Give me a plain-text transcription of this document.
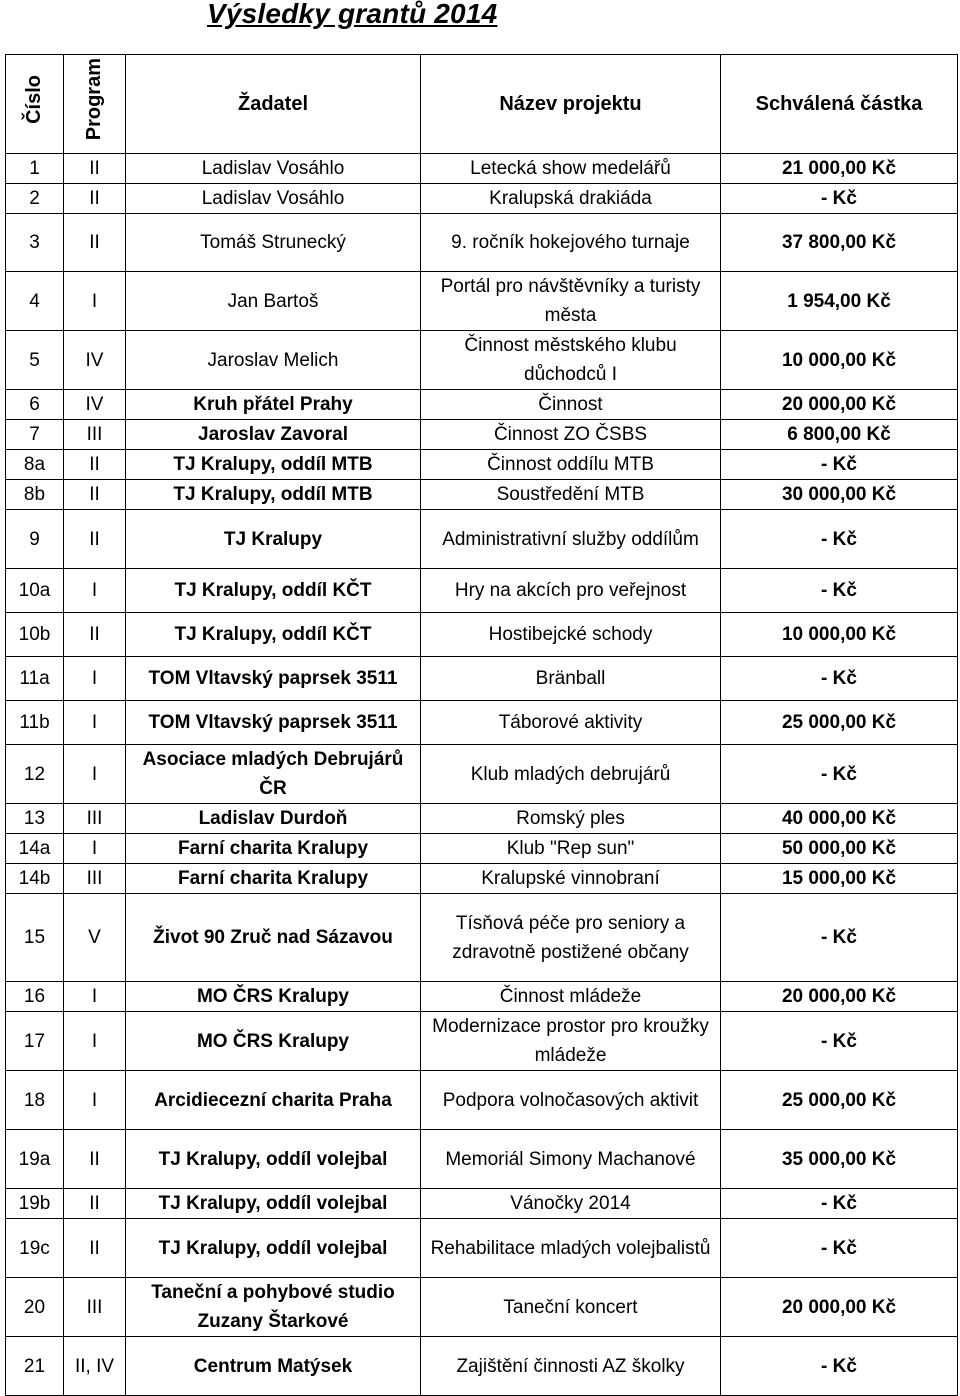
Výsledky grantů 2014
Číslo	Program	Žadatel	Název projektu	Schválená částka
1	II	Ladislav Vosáhlo	Letecká show medelářů	21 000,00 Kč
2	II	Ladislav Vosáhlo	Kralupská drakiáda	- Kč
3	II	Tomáš Strunecký	9. ročník hokejového turnaje	37 800,00 Kč
4	I	Jan Bartoš	Portál pro návštěvníky a turisty města	1 954,00 Kč
5	IV	Jaroslav Melich	Činnost městského klubu důchodců I	10 000,00 Kč
6	IV	Kruh přátel Prahy	Činnost	20 000,00 Kč
7	III	Jaroslav Zavoral	Činnost ZO ČSBS	6 800,00 Kč
8a	II	TJ Kralupy, oddíl MTB	Činnost oddílu MTB	- Kč
8b	II	TJ Kralupy, oddíl MTB	Soustředění MTB	30 000,00 Kč
9	II	TJ Kralupy	Administrativní služby oddílům	- Kč
10a	I	TJ Kralupy, oddíl KČT	Hry na akcích pro veřejnost	- Kč
10b	II	TJ Kralupy, oddíl KČT	Hostibejcké schody	10 000,00 Kč
11a	I	TOM Vltavský paprsek 3511	Bränball	- Kč
11b	I	TOM Vltavský paprsek 3511	Táborové aktivity	25 000,00 Kč
12	I	Asociace mladých Debrujárů ČR	Klub mladých debrujárů	- Kč
13	III	Ladislav Durdoň	Romský ples	40 000,00 Kč
14a	I	Farní charita Kralupy	Klub "Rep sun"	50 000,00 Kč
14b	III	Farní charita Kralupy	Kralupské vinnobraní	15 000,00 Kč
15	V	Život 90 Zruč nad Sázavou	Tísňová péče pro seniory a zdravotně postižené občany	- Kč
16	I	MO ČRS Kralupy	Činnost mládeže	20 000,00 Kč
17	I	MO ČRS Kralupy	Modernizace prostor pro kroužky mládeže	- Kč
18	I	Arcidiecezní charita Praha	Podpora volnočasových aktivit	25 000,00 Kč
19a	II	TJ Kralupy, oddíl volejbal	Memoriál Simony Machanové	35 000,00 Kč
19b	II	TJ Kralupy, oddíl volejbal	Vánočky 2014	- Kč
19c	II	TJ Kralupy, oddíl volejbal	Rehabilitace mladých volejbalistů	- Kč
20	III	Taneční a pohybové studio Zuzany Štarkové	Taneční koncert	20 000,00 Kč
21	II, IV	Centrum Matýsek	Zajištění činnosti AZ školky	- Kč
